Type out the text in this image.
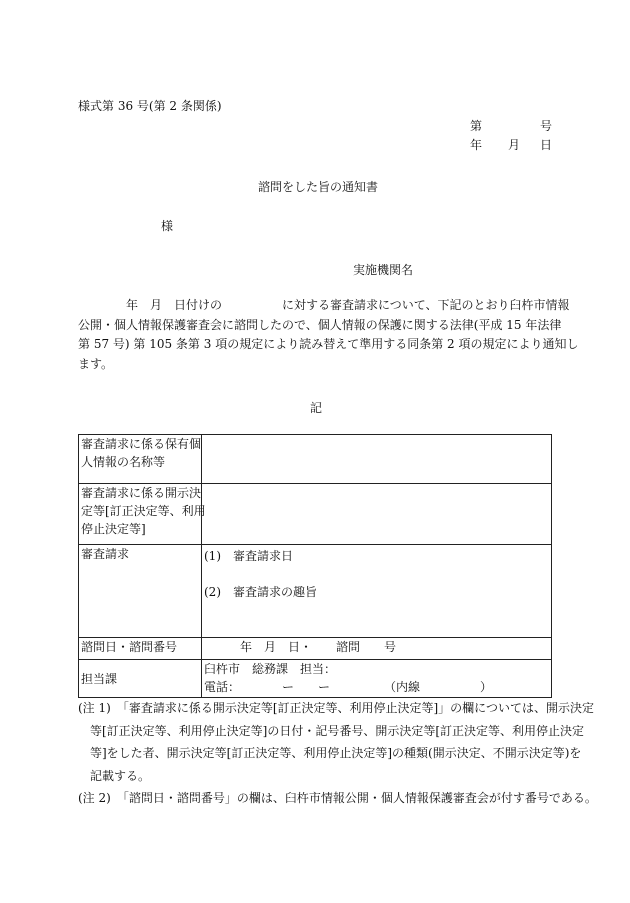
様式第 36 号(第 2 条関係)
第	号
年 月 日
諮問をした旨の通知書
様
実施機関名
　　　　年　月　日付けの　　　　　に対する審査請求について、下記のとおり臼杵市情報
公開・個人情報保護審査会に諮問したので、個人情報の保護に関する法律(平成 15 年法律
第 57 号) 第 105 条第 3 項の規定により読み替えて準用する同条第 2 項の規定により通知し
ます。
記
審査請求に係る保有個
人情報の名称等	

審査請求に係る開示決
定等[訂正決定等、利用
停止決定等]	

審査請求	(1)　審査請求日
(2)　審査請求の趣旨

諮問日・諮問番号	　　　年　月　日・　　諮問　　号

担当課	臼杵市　総務課　担当：
電話：　　　　ー　　ー　　　　　（内線　　　　　）
(注 1)　「審査請求に係る開示決定等[訂正決定等、利用停止決定等]」の欄については、開示決定
等[訂正決定等、利用停止決定等]の日付・記号番号、開示決定等[訂正決定等、利用停止決定
等]をした者、開示決定等[訂正決定等、利用停止決定等]の種類(開示決定、不開示決定等)を
記載する。
(注 2)　「諮問日・諮問番号」の欄は、臼杵市情報公開・個人情報保護審査会が付す番号である。
